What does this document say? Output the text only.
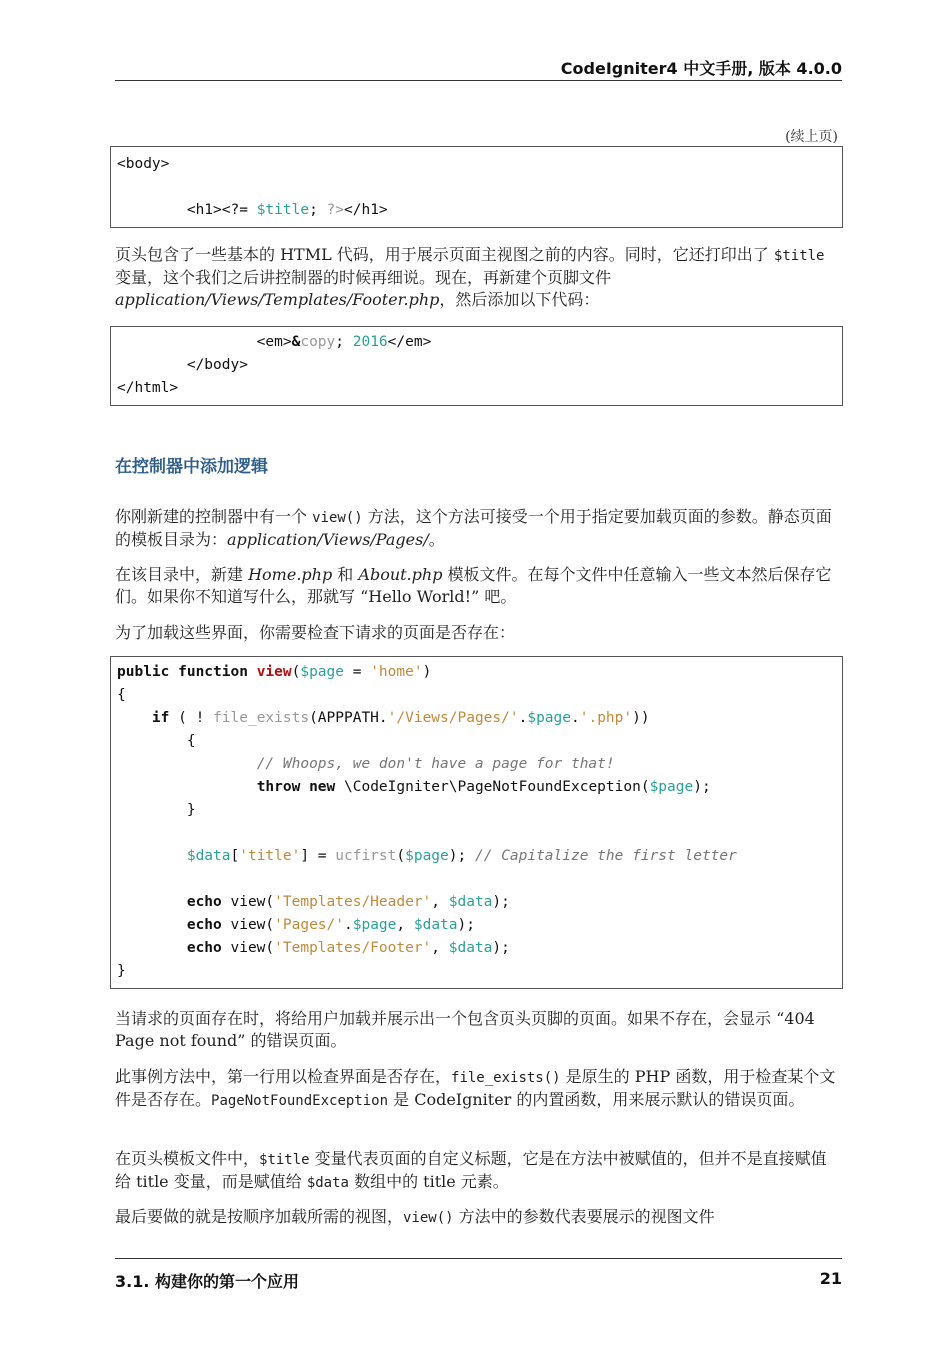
CodeIgniter4 中文手册, 版本 4.0.0
(续上页)
<body>

<h1><?= $title; ?></h1>

页头包含了一些基本的 HTML 代码，用于展示页面主视图之前的内容。同时，它还打印出了 $title 变量，这个我们之后讲控制器的时候再细说。现在，再新建个页脚文件 application/Views/Templates/Footer.php，然后添加以下代码：

<em>&copy; 2016</em>
</body>
</html>
在控制器中添加逻辑

你刚新建的控制器中有一个 view() 方法，这个方法可接受一个用于指定要加载页面的参数。静态页面的模板目录为：application/Views/Pages/。

在该目录中，新建 Home.php 和 About.php 模板文件。在每个文件中任意输入一些文本然后保存它们。如果你不知道写什么，那就写 “Hello World!” 吧。

为了加载这些界面，你需要检查下请求的页面是否存在：

public function view($page = 'home')
{
if ( ! file_exists(APPPATH.'/Views/Pages/'.$page.'.php'))
{
// Whoops, we don't have a page for that!
throw new \CodeIgniter\PageNotFoundException($page);
}

$data['title'] = ucfirst($page); // Capitalize the first letter

echo view('Templates/Header', $data);
echo view('Pages/'.$page, $data);
echo view('Templates/Footer', $data);
}

当请求的页面存在时，将给用户加载并展示出一个包含页头页脚的页面。如果不存在，会显示 “404 Page not found” 的错误页面。

此事例方法中，第一行用以检查界面是否存在，file_exists() 是原生的 PHP 函数，用于检查某个文件是否存在。PageNotFoundException 是 CodeIgniter 的内置函数，用来展示默认的错误页面。

在页头模板文件中，$title 变量代表页面的自定义标题，它是在方法中被赋值的，但并不是直接赋值给 title 变量，而是赋值给 $data 数组中的 title 元素。

最后要做的就是按顺序加载所需的视图，view() 方法中的参数代表要展示的视图文件

3.1. 构建你的第一个应用	21
